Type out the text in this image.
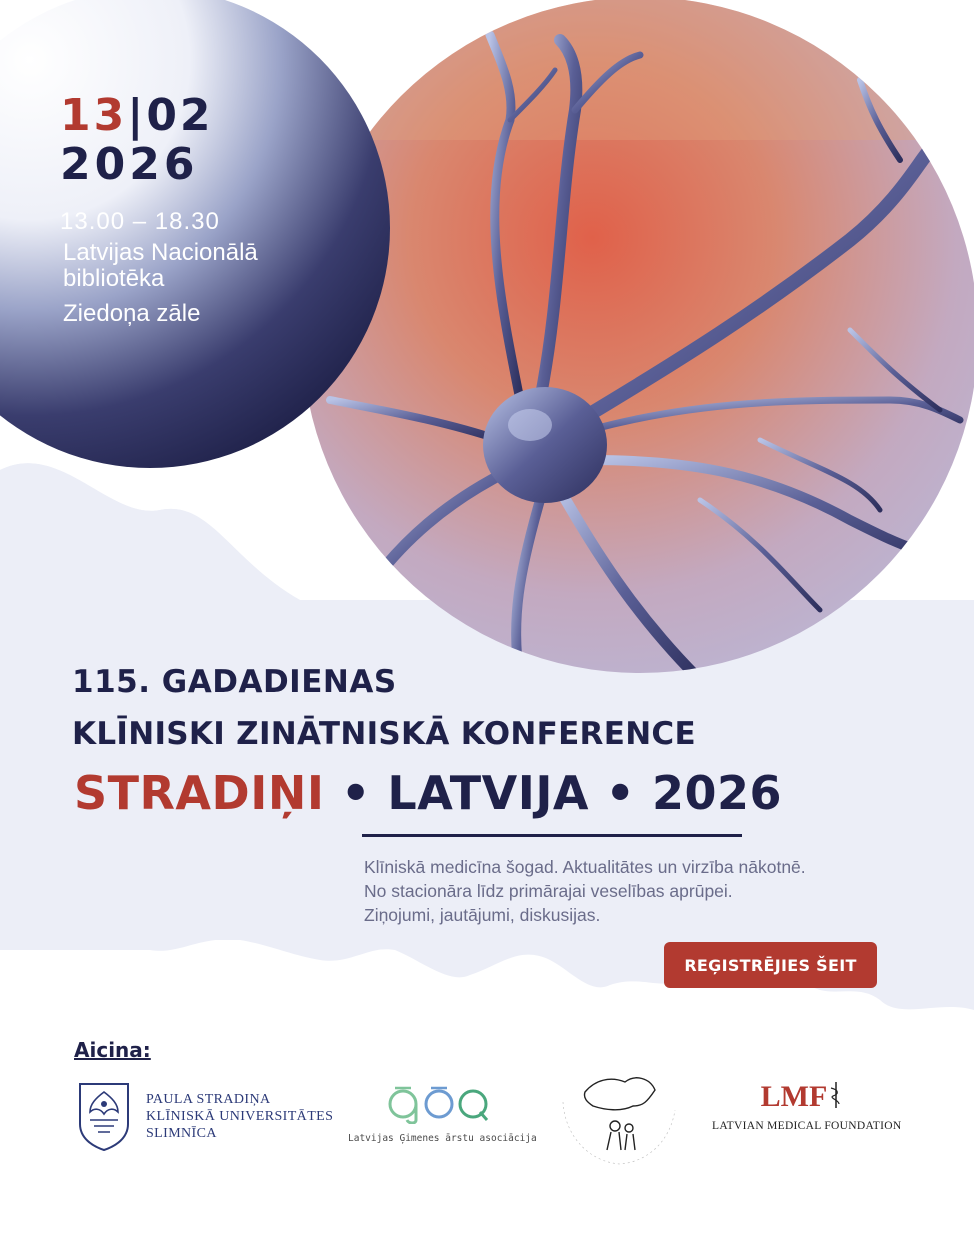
13|02
2026
13.00 – 18.30
Latvijas Nacionālā bibliotēka
Ziedoņa zāle
115. GADADIENAS
KLĪNISKI ZINĀTNISKĀ KONFERENCE
STRADIŅI • LATVIJA • 2026
Klīniskā medicīna šogad. Aktualitātes un virzība nākotnē.
No stacionāra līdz primārajai veselības aprūpei.
Ziņojumi, jautājumi, diskusijas.
REĢISTRĒJIES ŠEIT
Aicina:
PAULA STRADIŅA
KLĪNISKĀ UNIVERSITĀTES
SLIMNĪCA	Latvijas Ģimenes ārstu asociācija
LMF
LATVIAN MEDICAL FOUNDATION
